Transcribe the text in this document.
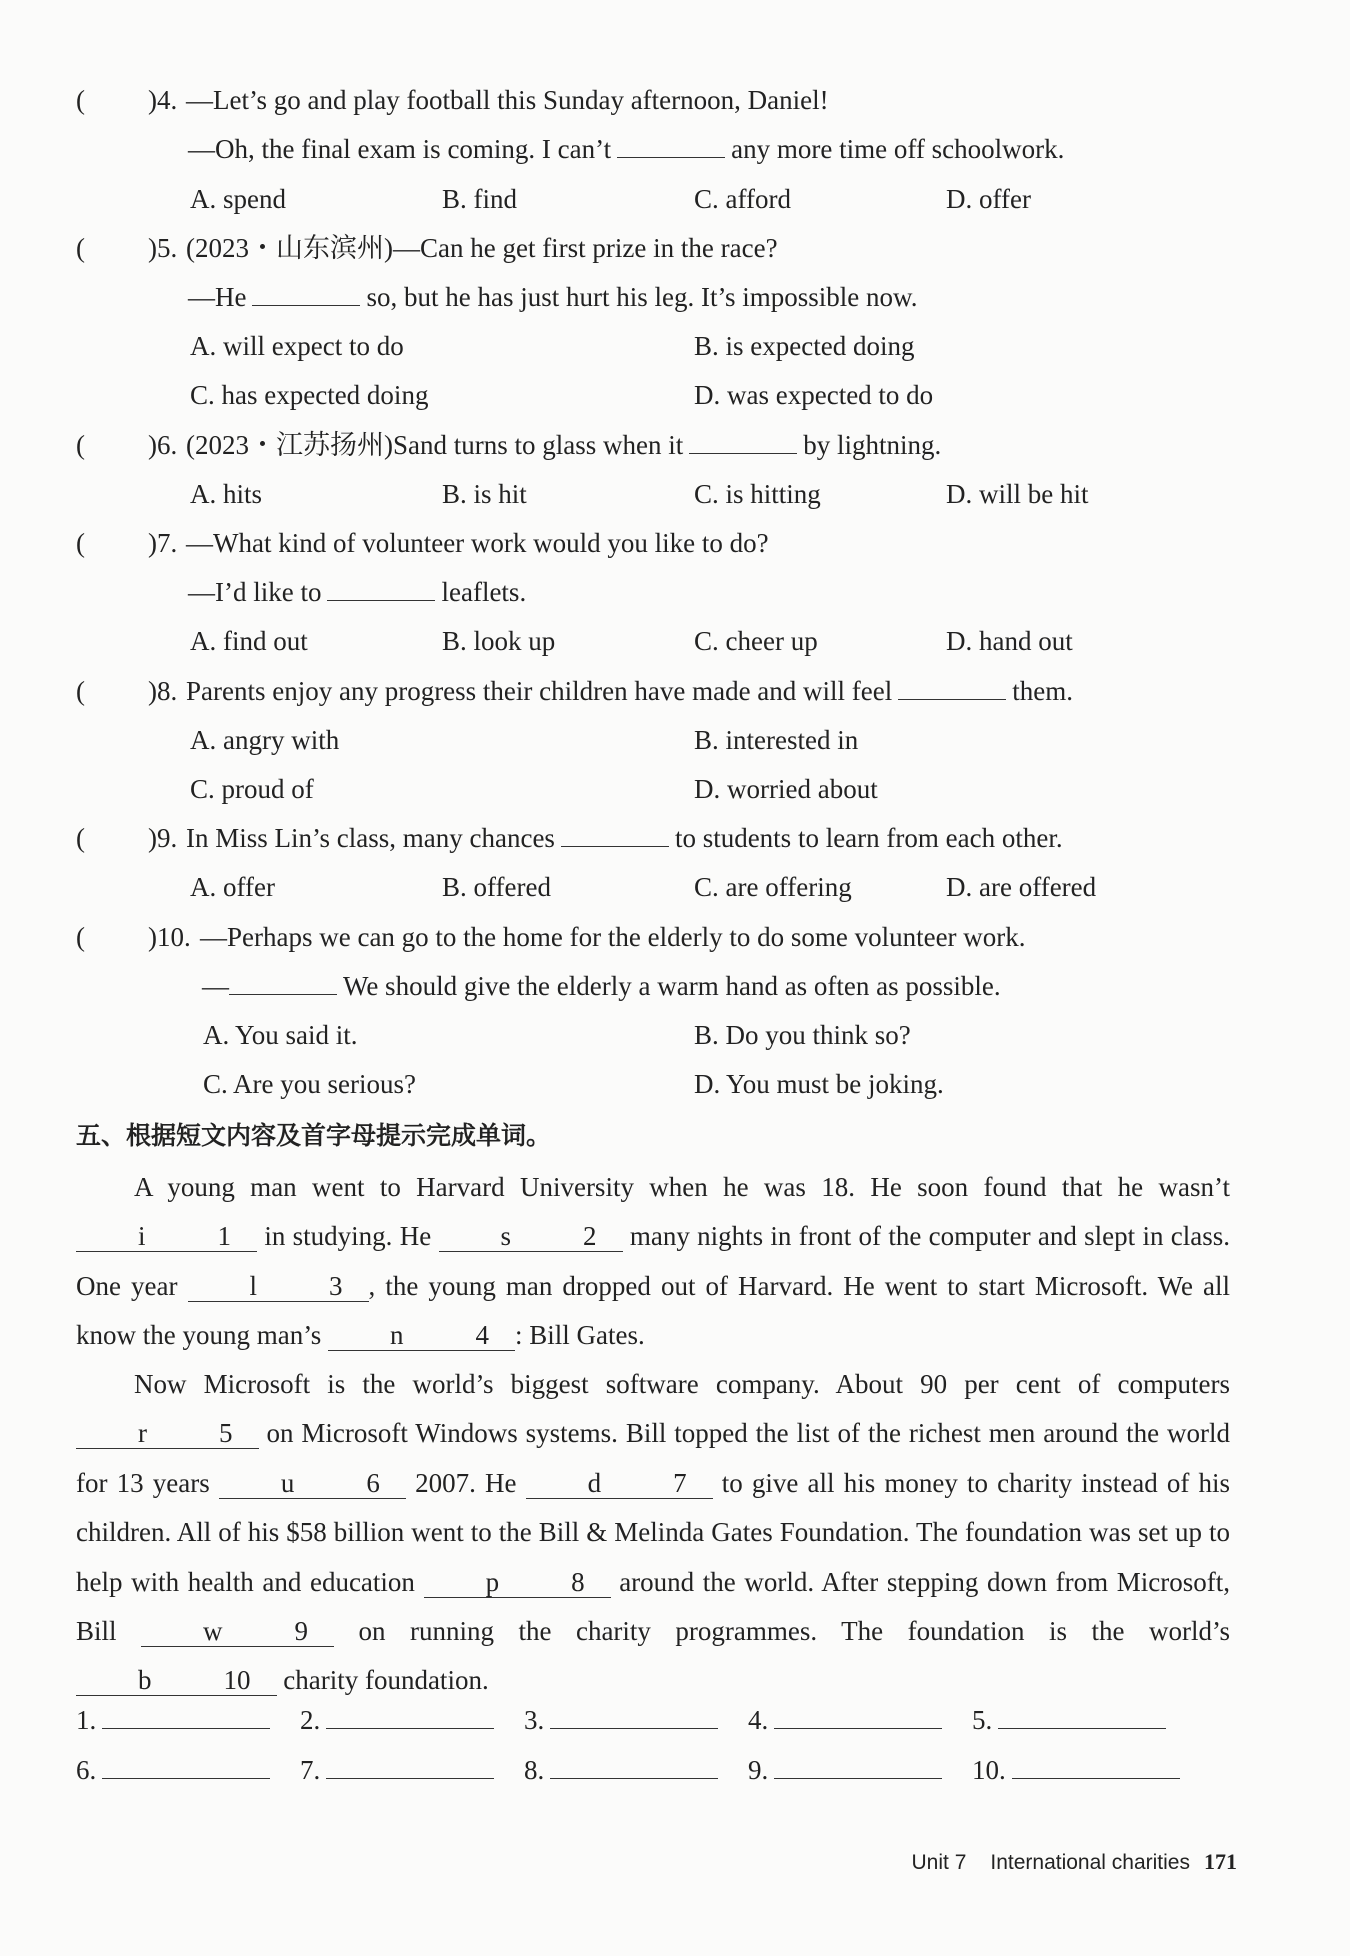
( )4. —Let’s go and play football this Sunday afternoon, Daniel!
—Oh, the final exam is coming. I can’t	any more time off schoolwork.
A. spend	B. find	C. afford	D. offer
( )5. (2023・山东滨州)—Can he get first prize in the race?
—He	so, but he has just hurt his leg. It’s impossible now.
A. will expect to do	B. is expected doing
C. has expected doing	D. was expected to do
( )6. (2023・江苏扬州)Sand turns to glass when it	by lightning.
A. hits	B. is hit	C. is hitting	D. will be hit
( )7. —What kind of volunteer work would you like to do?
—I’d like to	leaflets.
A. find out	B. look up	C. cheer up	D. hand out
( )8. Parents enjoy any progress their children have made and will feel	them.
A. angry with	B. interested in
C. proud of	D. worried about
( )9. In Miss Lin’s class, many chances	to students to learn from each other.
A. offer	B. offered	C. are offering	D. are offered
( )10. —Perhaps we can go to the home for the elderly to do some volunteer work.
—	We should give the elderly a warm hand as often as possible.
A. You said it.	B. Do you think so?
C. Are you serious?	D. You must be joking.
五、根据短文内容及首字母提示完成单词。
A young man went to Harvard University when he was 18. He soon found that he wasn’t i	1 in studying. He	s	2 many nights in front of the computer and slept in class. One year	l	3 , the young man dropped out of Harvard. He went to start Microsoft. We all know the young man’s	n	4 : Bill Gates.
Now Microsoft is the world’s biggest software company. About 90 per cent of computers r	5 on Microsoft Windows systems. Bill topped the list of the richest men around the world for 13 years	u	6 2007. He	d	7 to give all his money to charity instead of his children. All of his $58 billion went to the Bill & Melinda Gates Foundation. The foundation was set up to help with health and education	p	8 around the world. After stepping down from Microsoft, Bill	w	9 on running the charity programmes. The foundation is the world’s b	10 charity foundation.
1.	2.	3.	4.	5.
6.	7.	8.	9.	10.
Unit 7 International charities 171
